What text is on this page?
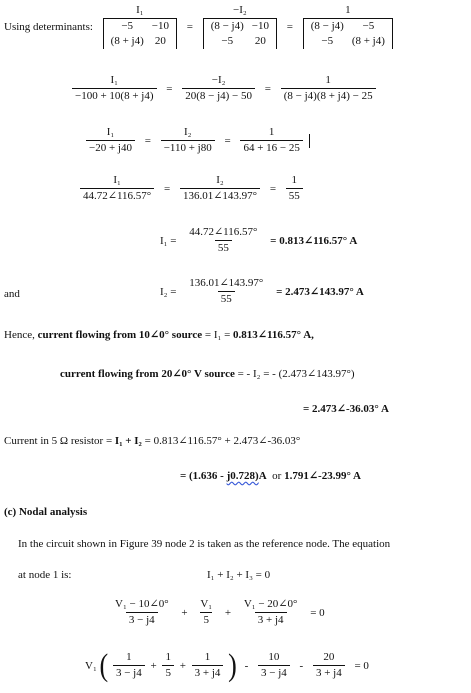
Using determinants: I₁
−5	−10
(8 + j4)	20 = −I₂
(8 − j4)	−10
−5	20 = 1
(8 − j4)	−5
−5	(8 + j4)
$\frac{\text{I₁}}{-100 + 10(8 + j4)} = \frac{\text{−I₂}}{20(8 - j4) - 50} = \frac{1}{(8 - j4)(8 + j4) - 25}$
$\frac{\text{I₁}}{-20 + j40} = \frac{\text{I₂}}{-110 + j80} = \frac{1}{64 + 16 - 25}$

$\frac{\text{I₁}}{44.72\angle 116.57^\circ} = \frac{\text{I₂}}{136.01\angle 143.97^\circ} = \frac{1}{55}$
$I_1 = \frac{44.72\angle 116.57^\circ}{55}$ = 0.813∠116.57° A
and	$I_2 = \frac{136.01\angle 143.97^\circ}{55}$ = 2.473∠143.97° A
Hence, current flowing from 10∠0° source = I₁ = 0.813∠116.57° A,
current flowing from 20∠0° V source = - I₂ = - (2.473∠143.97°)
= 2.473∠-36.03° A
Current in 5 Ω resistor = I₁ + I₂ = 0.813∠116.57° + 2.473∠-36.03°
= (1.636 - j0.728)A  or 1.791∠-23.99° A
(c) Nodal analysis
In the circuit shown in Figure 39 node 2 is taken as the reference node. The equation
at node 1 is:	I₁ + I₂ + I₃ = 0
$\frac{\text{V₁ − 10∠0°}}{3 - j4} + \frac{\text{V₁}}{5} + \frac{\text{V₁ − 20∠0°}}{3 + j4} = 0$
V₁ ( $\frac{1}{3 - j4} + \frac{1}{5} + \frac{1}{3 + j4}$ ) - $\frac{10}{3 - j4} - \frac{20}{3 + j4} = 0$
